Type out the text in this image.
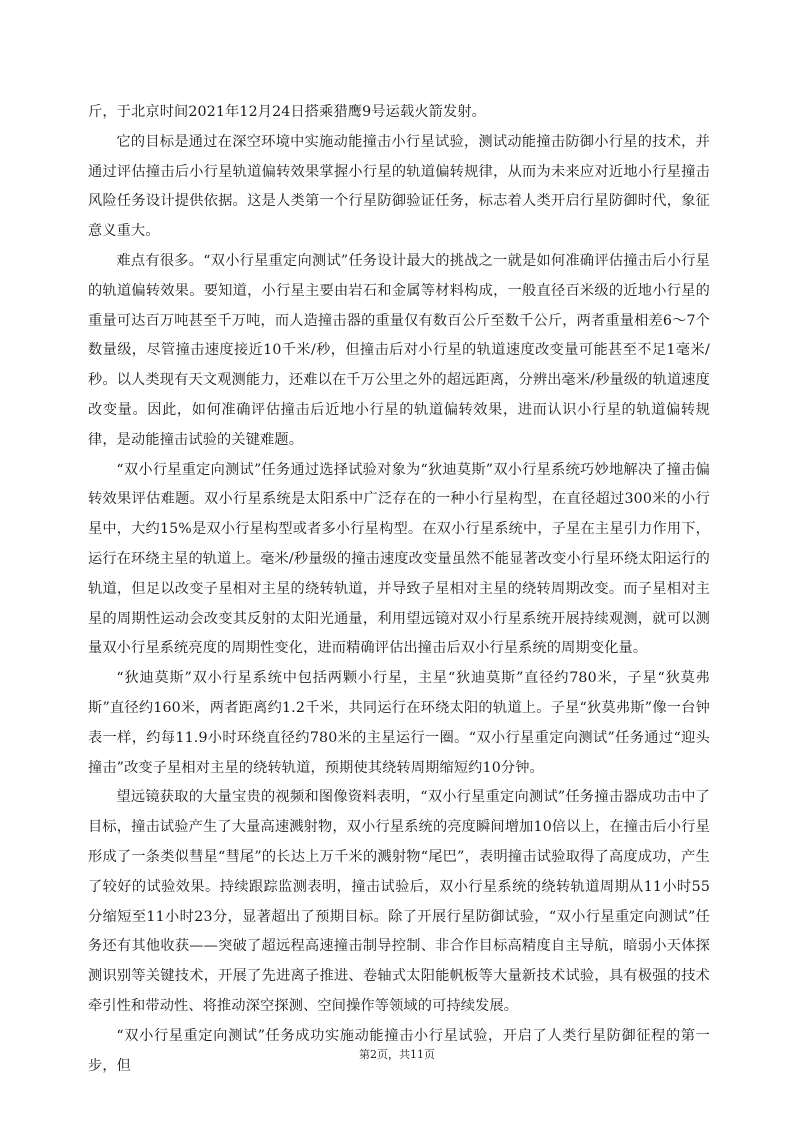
斤，于北京时间2021年12月24日搭乘猎鹰9号运载火箭发射。

它的目标是通过在深空环境中实施动能撞击小行星试验，测试动能撞击防御小行星的技术，并通过评估撞击后小行星轨道偏转效果掌握小行星的轨道偏转规律，从而为未来应对近地小行星撞击风险任务设计提供依据。这是人类第一个行星防御验证任务，标志着人类开启行星防御时代，象征意义重大。

难点有很多。“双小行星重定向测试”任务设计最大的挑战之一就是如何准确评估撞击后小行星的轨道偏转效果。要知道，小行星主要由岩石和金属等材料构成，一般直径百米级的近地小行星的重量可达百万吨甚至千万吨，而人造撞击器的重量仅有数百公斤至数千公斤，两者重量相差6～7个数量级，尽管撞击速度接近10千米/秒，但撞击后对小行星的轨道速度改变量可能甚至不足1毫米/秒。以人类现有天文观测能力，还难以在千万公里之外的超远距离，分辨出毫米/秒量级的轨道速度改变量。因此，如何准确评估撞击后近地小行星的轨道偏转效果，进而认识小行星的轨道偏转规律，是动能撞击试验的关键难题。

“双小行星重定向测试”任务通过选择试验对象为“狄迪莫斯”双小行星系统巧妙地解决了撞击偏转效果评估难题。双小行星系统是太阳系中广泛存在的一种小行星构型，在直径超过300米的小行星中，大约15%是双小行星构型或者多小行星构型。在双小行星系统中，子星在主星引力作用下，运行在环绕主星的轨道上。毫米/秒量级的撞击速度改变量虽然不能显著改变小行星环绕太阳运行的轨道，但足以改变子星相对主星的绕转轨道，并导致子星相对主星的绕转周期改变。而子星相对主星的周期性运动会改变其反射的太阳光通量，利用望远镜对双小行星系统开展持续观测，就可以测量双小行星系统亮度的周期性变化，进而精确评估出撞击后双小行星系统的周期变化量。

“狄迪莫斯”双小行星系统中包括两颗小行星，主星“狄迪莫斯”直径约780米，子星“狄莫弗斯”直径约160米，两者距离约1.2千米，共同运行在环绕太阳的轨道上。子星“狄莫弗斯”像一台钟表一样，约每11.9小时环绕直径约780米的主星运行一圈。“双小行星重定向测试”任务通过“迎头撞击”改变子星相对主星的绕转轨道，预期使其绕转周期缩短约10分钟。

望远镜获取的大量宝贵的视频和图像资料表明，“双小行星重定向测试”任务撞击器成功击中了目标，撞击试验产生了大量高速溅射物，双小行星系统的亮度瞬间增加10倍以上，在撞击后小行星形成了一条类似彗星“彗尾”的长达上万千米的溅射物“尾巴”，表明撞击试验取得了高度成功，产生了较好的试验效果。持续跟踪监测表明，撞击试验后，双小行星系统的绕转轨道周期从11小时55分缩短至11小时23分，显著超出了预期目标。除了开展行星防御试验，“双小行星重定向测试”任务还有其他收获——突破了超远程高速撞击制导控制、非合作目标高精度自主导航，暗弱小天体探测识别等关键技术，开展了先进离子推进、卷轴式太阳能帆板等大量新技术试验，具有极强的技术牵引性和带动性、将推动深空探测、空间操作等领域的可持续发展。

“双小行星重定向测试”任务成功实施动能撞击小行星试验，开启了人类行星防御征程的第一步，但

第2页，共11页
